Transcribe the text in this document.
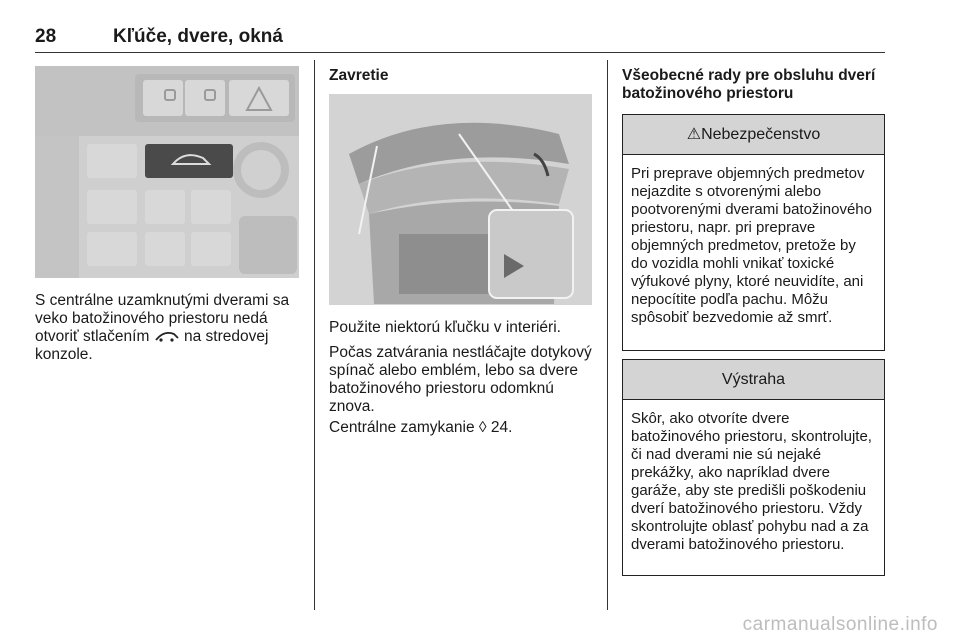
28	Kľúče, dvere, okná

S centrálne uzamknutými dverami sa veko batožinového priestoru nedá otvoriť stlačením na stredovej konzole.

Zavretie

Použite niektorú kľučku v interiéri.

Počas zatvárania nestláčajte dotykový spínač alebo emblém, lebo sa dvere batožinového priestoru odomknú znova.

Centrálne zamykanie ◊ 24.

Všeobecné rady pre obsluhu dverí batožinového priestoru

⚠Nebezpečenstvo

Pri preprave objemných predmetov nejazdite s otvorenými alebo pootvorenými dverami batožinového priestoru, napr. pri preprave objemných predmetov, pretože by do vozidla mohli vnikať toxické výfukové plyny, ktoré neuvidíte, ani nepocítite podľa pachu. Môžu spôsobiť bezvedomie až smrť.

Výstraha

Skôr, ako otvoríte dvere batožinového priestoru, skontrolujte, či nad dverami nie sú nejaké prekážky, ako napríklad dvere garáže, aby ste predišli poškodeniu dverí batožinového priestoru. Vždy skontrolujte oblasť pohybu nad a za dverami batožinového priestoru.

carmanualsonline.info
